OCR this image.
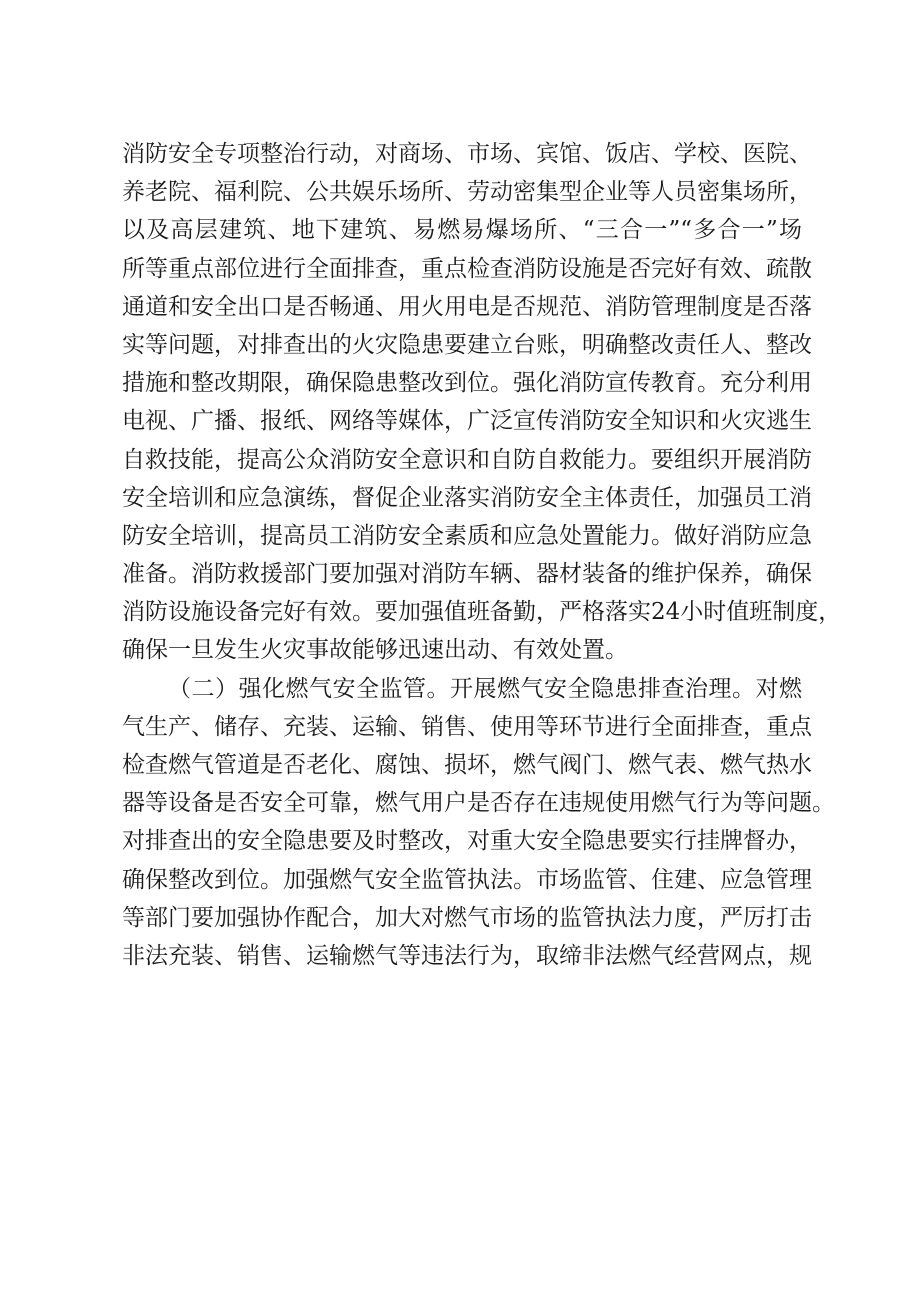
消防安全专项整治行动，对商场、市场、宾馆、饭店、学校、医院、
养老院、福利院、公共娱乐场所、劳动密集型企业等人员密集场所，
以及高层建筑、地下建筑、易燃易爆场所、“三合一”“多合一”场
所等重点部位进行全面排查，重点检查消防设施是否完好有效、疏散
通道和安全出口是否畅通、用火用电是否规范、消防管理制度是否落
实等问题，对排查出的火灾隐患要建立台账，明确整改责任人、整改
措施和整改期限，确保隐患整改到位。强化消防宣传教育。充分利用
电视、广播、报纸、网络等媒体，广泛宣传消防安全知识和火灾逃生
自救技能，提高公众消防安全意识和自防自救能力。要组织开展消防
安全培训和应急演练，督促企业落实消防安全主体责任，加强员工消
防安全培训，提高员工消防安全素质和应急处置能力。做好消防应急
准备。消防救援部门要加强对消防车辆、器材装备的维护保养，确保
消防设施设备完好有效。要加强值班备勤，严格落实24小时值班制度，
确保一旦发生火灾事故能够迅速出动、有效处置。
（二）强化燃气安全监管。开展燃气安全隐患排查治理。对燃
气生产、储存、充装、运输、销售、使用等环节进行全面排查，重点
检查燃气管道是否老化、腐蚀、损坏，燃气阀门、燃气表、燃气热水
器等设备是否安全可靠，燃气用户是否存在违规使用燃气行为等问题。
对排查出的安全隐患要及时整改，对重大安全隐患要实行挂牌督办，
确保整改到位。加强燃气安全监管执法。市场监管、住建、应急管理
等部门要加强协作配合，加大对燃气市场的监管执法力度，严厉打击
非法充装、销售、运输燃气等违法行为，取缔非法燃气经营网点，规
